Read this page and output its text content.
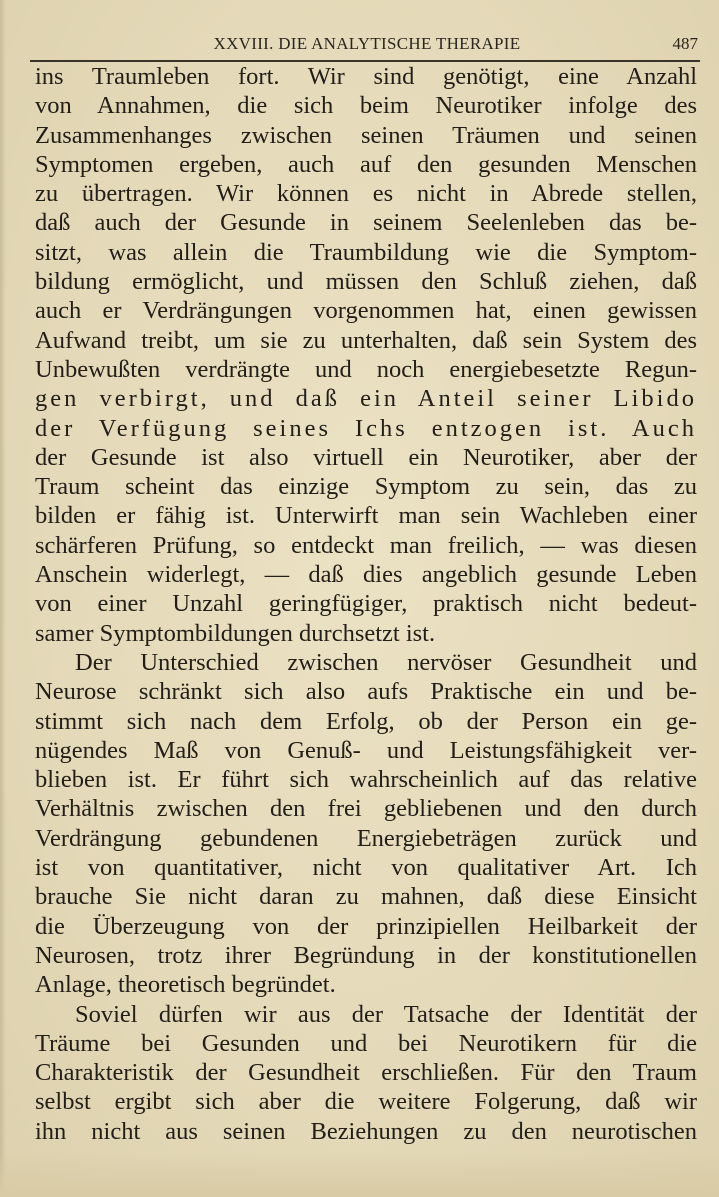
XXVIII. DIE ANALYTISCHE THERAPIE	487
ins Traumleben fort. Wir sind genötigt, eine Anzahl
von Annahmen, die sich beim Neurotiker infolge des
Zusammenhanges zwischen seinen Träumen und seinen
Symptomen ergeben, auch auf den gesunden Menschen
zu übertragen. Wir können es nicht in Abrede stellen,
daß auch der Gesunde in seinem Seelenleben das be-
sitzt, was allein die Traumbildung wie die Symptom-
bildung ermöglicht, und müssen den Schluß ziehen, daß
auch er Verdrängungen vorgenommen hat, einen gewissen
Aufwand treibt, um sie zu unterhalten, daß sein System des
Unbewußten verdrängte und noch energiebesetzte Regun-
gen verbirgt, und daß ein Anteil seiner Libido
der Verfügung seines Ichs entzogen ist. Auch
der Gesunde ist also virtuell ein Neurotiker, aber der
Traum scheint das einzige Symptom zu sein, das zu
bilden er fähig ist. Unterwirft man sein Wachleben einer
schärferen Prüfung, so entdeckt man freilich, — was diesen
Anschein widerlegt, — daß dies angeblich gesunde Leben
von einer Unzahl geringfügiger, praktisch nicht bedeut-
samer Symptombildungen durchsetzt ist.
Der Unterschied zwischen nervöser Gesundheit und
Neurose schränkt sich also aufs Praktische ein und be-
stimmt sich nach dem Erfolg, ob der Person ein ge-
nügendes Maß von Genuß- und Leistungsfähigkeit ver-
blieben ist. Er führt sich wahrscheinlich auf das relative
Verhältnis zwischen den frei gebliebenen und den durch
Verdrängung gebundenen Energiebeträgen zurück und
ist von quantitativer, nicht von qualitativer Art. Ich
brauche Sie nicht daran zu mahnen, daß diese Einsicht
die Überzeugung von der prinzipiellen Heilbarkeit der
Neurosen, trotz ihrer Begründung in der konstitutionellen
Anlage, theoretisch begründet.
Soviel dürfen wir aus der Tatsache der Identität der
Träume bei Gesunden und bei Neurotikern für die
Charakteristik der Gesundheit erschließen. Für den Traum
selbst ergibt sich aber die weitere Folgerung, daß wir
ihn nicht aus seinen Beziehungen zu den neurotischen
